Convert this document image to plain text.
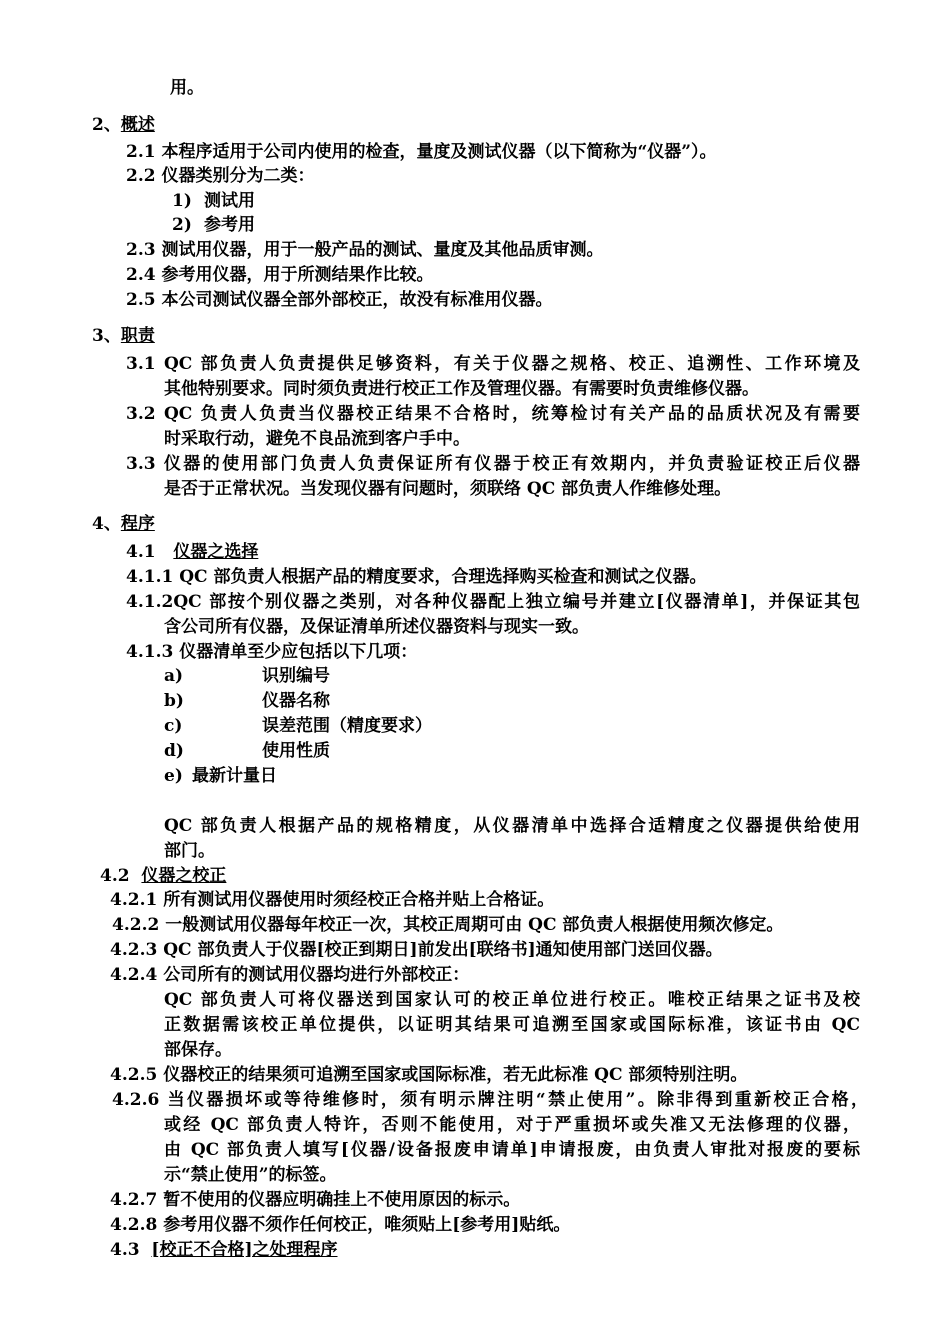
用。
2、概述
2.1 本程序适用于公司内使用的检查，量度及测试仪器（以下简称为“仪器”）。
2.2 仪器类别分为二类：
1) 测试用
2) 参考用
2.3 测试用仪器，用于一般产品的测试、量度及其他品质审测。
2.4 参考用仪器，用于所测结果作比较。
2.5 本公司测试仪器全部外部校正，故没有标准用仪器。
3、职责
3.1 QC 部负责人负责提供足够资料，有关于仪器之规格、校正、追溯性、工作环境及
其他特别要求。同时须负责进行校正工作及管理仪器。有需要时负责维修仪器。
3.2 QC 负责人负责当仪器校正结果不合格时，统筹检讨有关产品的品质状况及有需要
时采取行动，避免不良品流到客户手中。
3.3 仪器的使用部门负责人负责保证所有仪器于校正有效期内，并负责验证校正后仪器
是否于正常状况。当发现仪器有问题时，须联络 QC 部负责人作维修处理。
4、程序
4.1   仪器之选择
4.1.1 QC 部负责人根据产品的精度要求，合理选择购买检查和测试之仪器。
4.1.2QC 部按个别仪器之类别，对各种仪器配上独立编号并建立[仪器清单]，并保证其包
含公司所有仪器，及保证清单所述仪器资料与现实一致。
4.1.3 仪器清单至少应包括以下几项：
a)	识别编号
b)	仪器名称
c)	误差范围（精度要求）
d)	使用性质
e) 最新计量日
QC 部负责人根据产品的规格精度，从仪器清单中选择合适精度之仪器提供给使用
部门。
4.2  仪器之校正
4.2.1 所有测试用仪器使用时须经校正合格并贴上合格证。
4.2.2 一般测试用仪器每年校正一次，其校正周期可由 QC 部负责人根据使用频次修定。
4.2.3 QC 部负责人于仪器[校正到期日]前发出[联络书]通知使用部门送回仪器。
4.2.4 公司所有的测试用仪器均进行外部校正：
QC 部负责人可将仪器送到国家认可的校正单位进行校正。唯校正结果之证书及校
正数据需该校正单位提供，以证明其结果可追溯至国家或国际标准，该证书由 QC
部保存。
4.2.5 仪器校正的结果须可追溯至国家或国际标准，若无此标准 QC 部须特别注明。
4.2.6 当仪器损坏或等待维修时，须有明示牌注明“禁止使用”。除非得到重新校正合格，
或经 QC 部负责人特许，否则不能使用，对于严重损坏或失准又无法修理的仪器，
由 QC 部负责人填写[仪器/设备报废申请单]申请报废，由负责人审批对报废的要标
示“禁止使用”的标签。
4.2.7 暂不使用的仪器应明确挂上不使用原因的标示。
4.2.8 参考用仪器不须作任何校正，唯须贴上[参考用]贴纸。
4.3  [校正不合格]之处理程序
